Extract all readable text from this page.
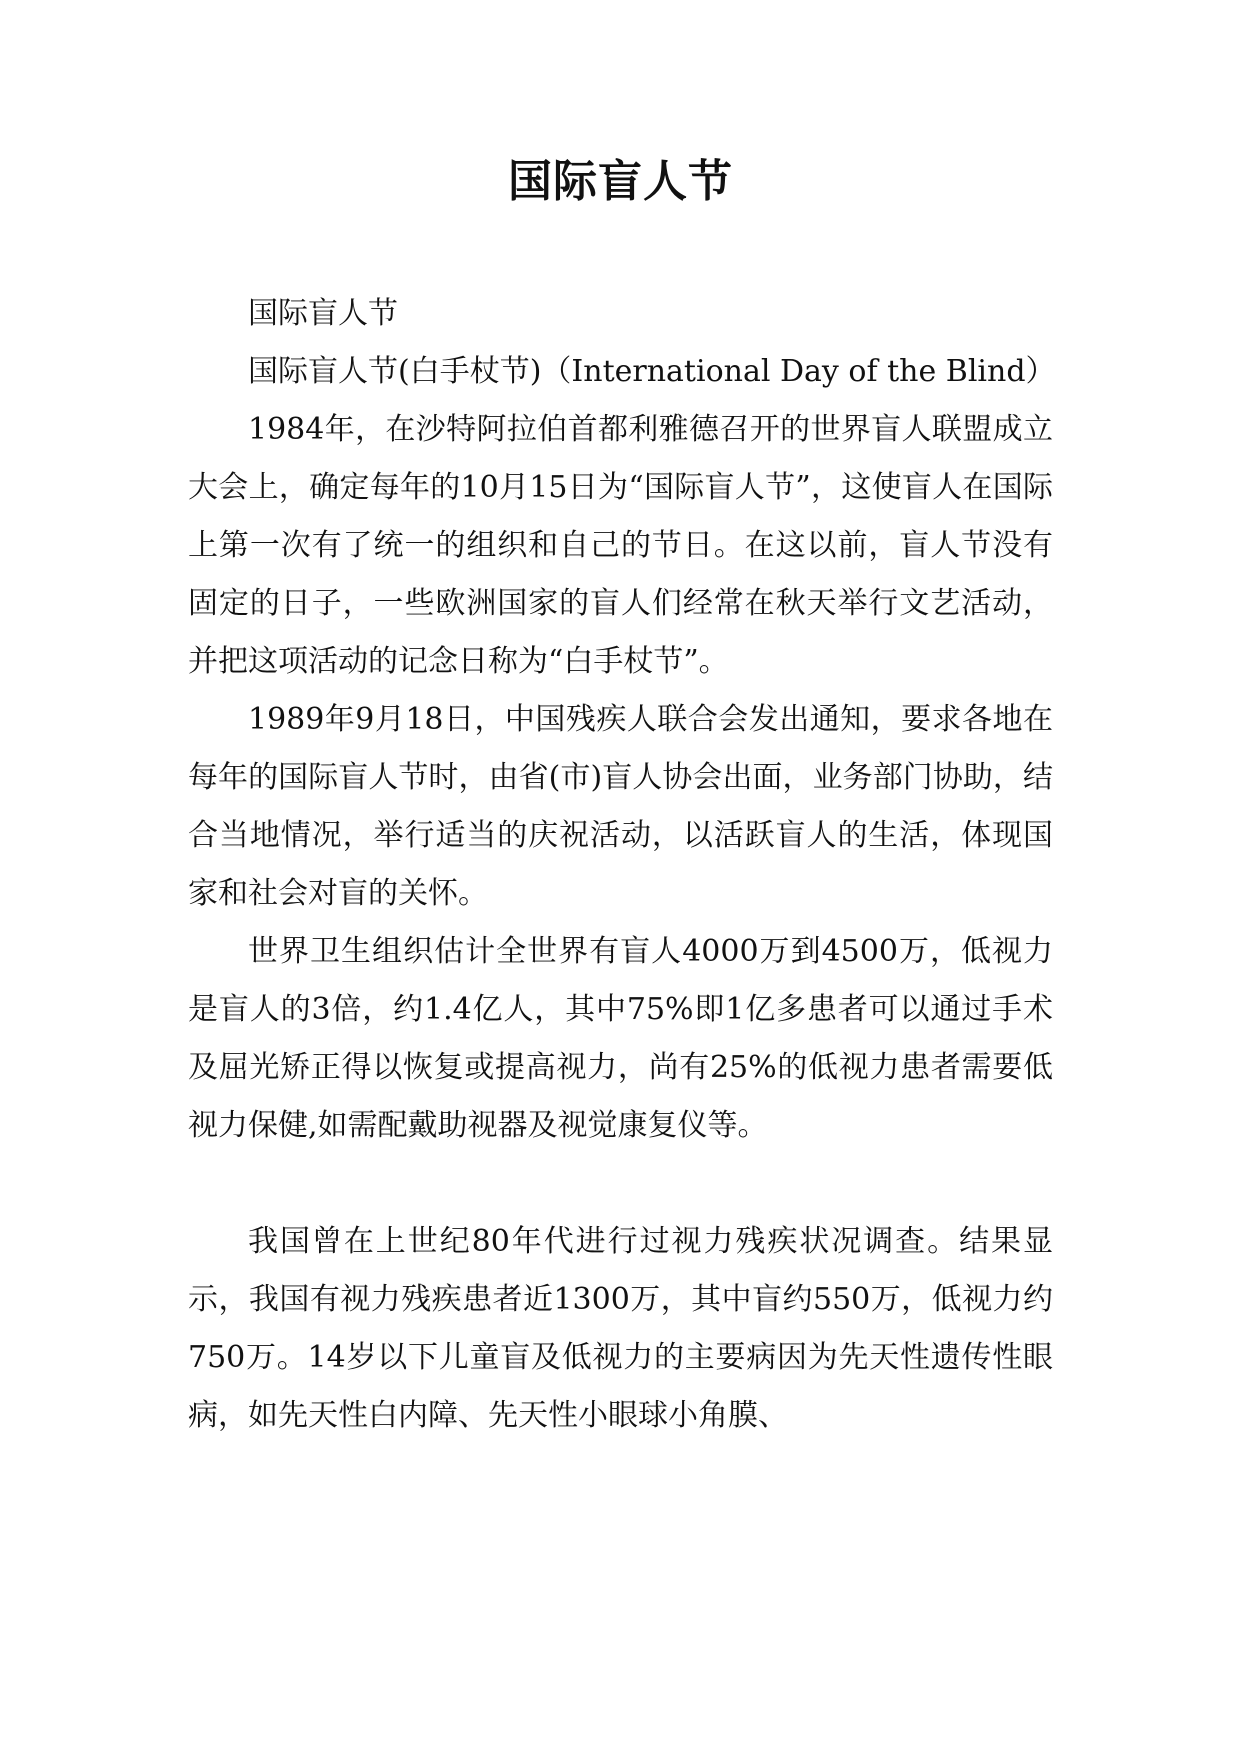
国际盲人节

国际盲人节

国际盲人节(白手杖节)（International Day of the Blind）

1984年，在沙特阿拉伯首都利雅德召开的世界盲人联盟成立大会上，确定每年的10月15日为“国际盲人节”，这使盲人在国际上第一次有了统一的组织和自己的节日。在这以前，盲人节没有固定的日子，一些欧洲国家的盲人们经常在秋天举行文艺活动，并把这项活动的记念日称为“白手杖节”。

1989年9月18日，中国残疾人联合会发出通知，要求各地在每年的国际盲人节时，由省(市)盲人协会出面，业务部门协助，结合当地情况，举行适当的庆祝活动，以活跃盲人的生活，体现国家和社会对盲的关怀。

世界卫生组织估计全世界有盲人4000万到4500万，低视力是盲人的3倍，约1.4亿人，其中75%即1亿多患者可以通过手术及屈光矫正得以恢复或提高视力，尚有25%的低视力患者需要低视力保健,如需配戴助视器及视觉康复仪等。

我国曾在上世纪80年代进行过视力残疾状况调查。结果显示，我国有视力残疾患者近1300万，其中盲约550万，低视力约750万。14岁以下儿童盲及低视力的主要病因为先天性遗传性眼病，如先天性白内障、先天性小眼球小角膜、
